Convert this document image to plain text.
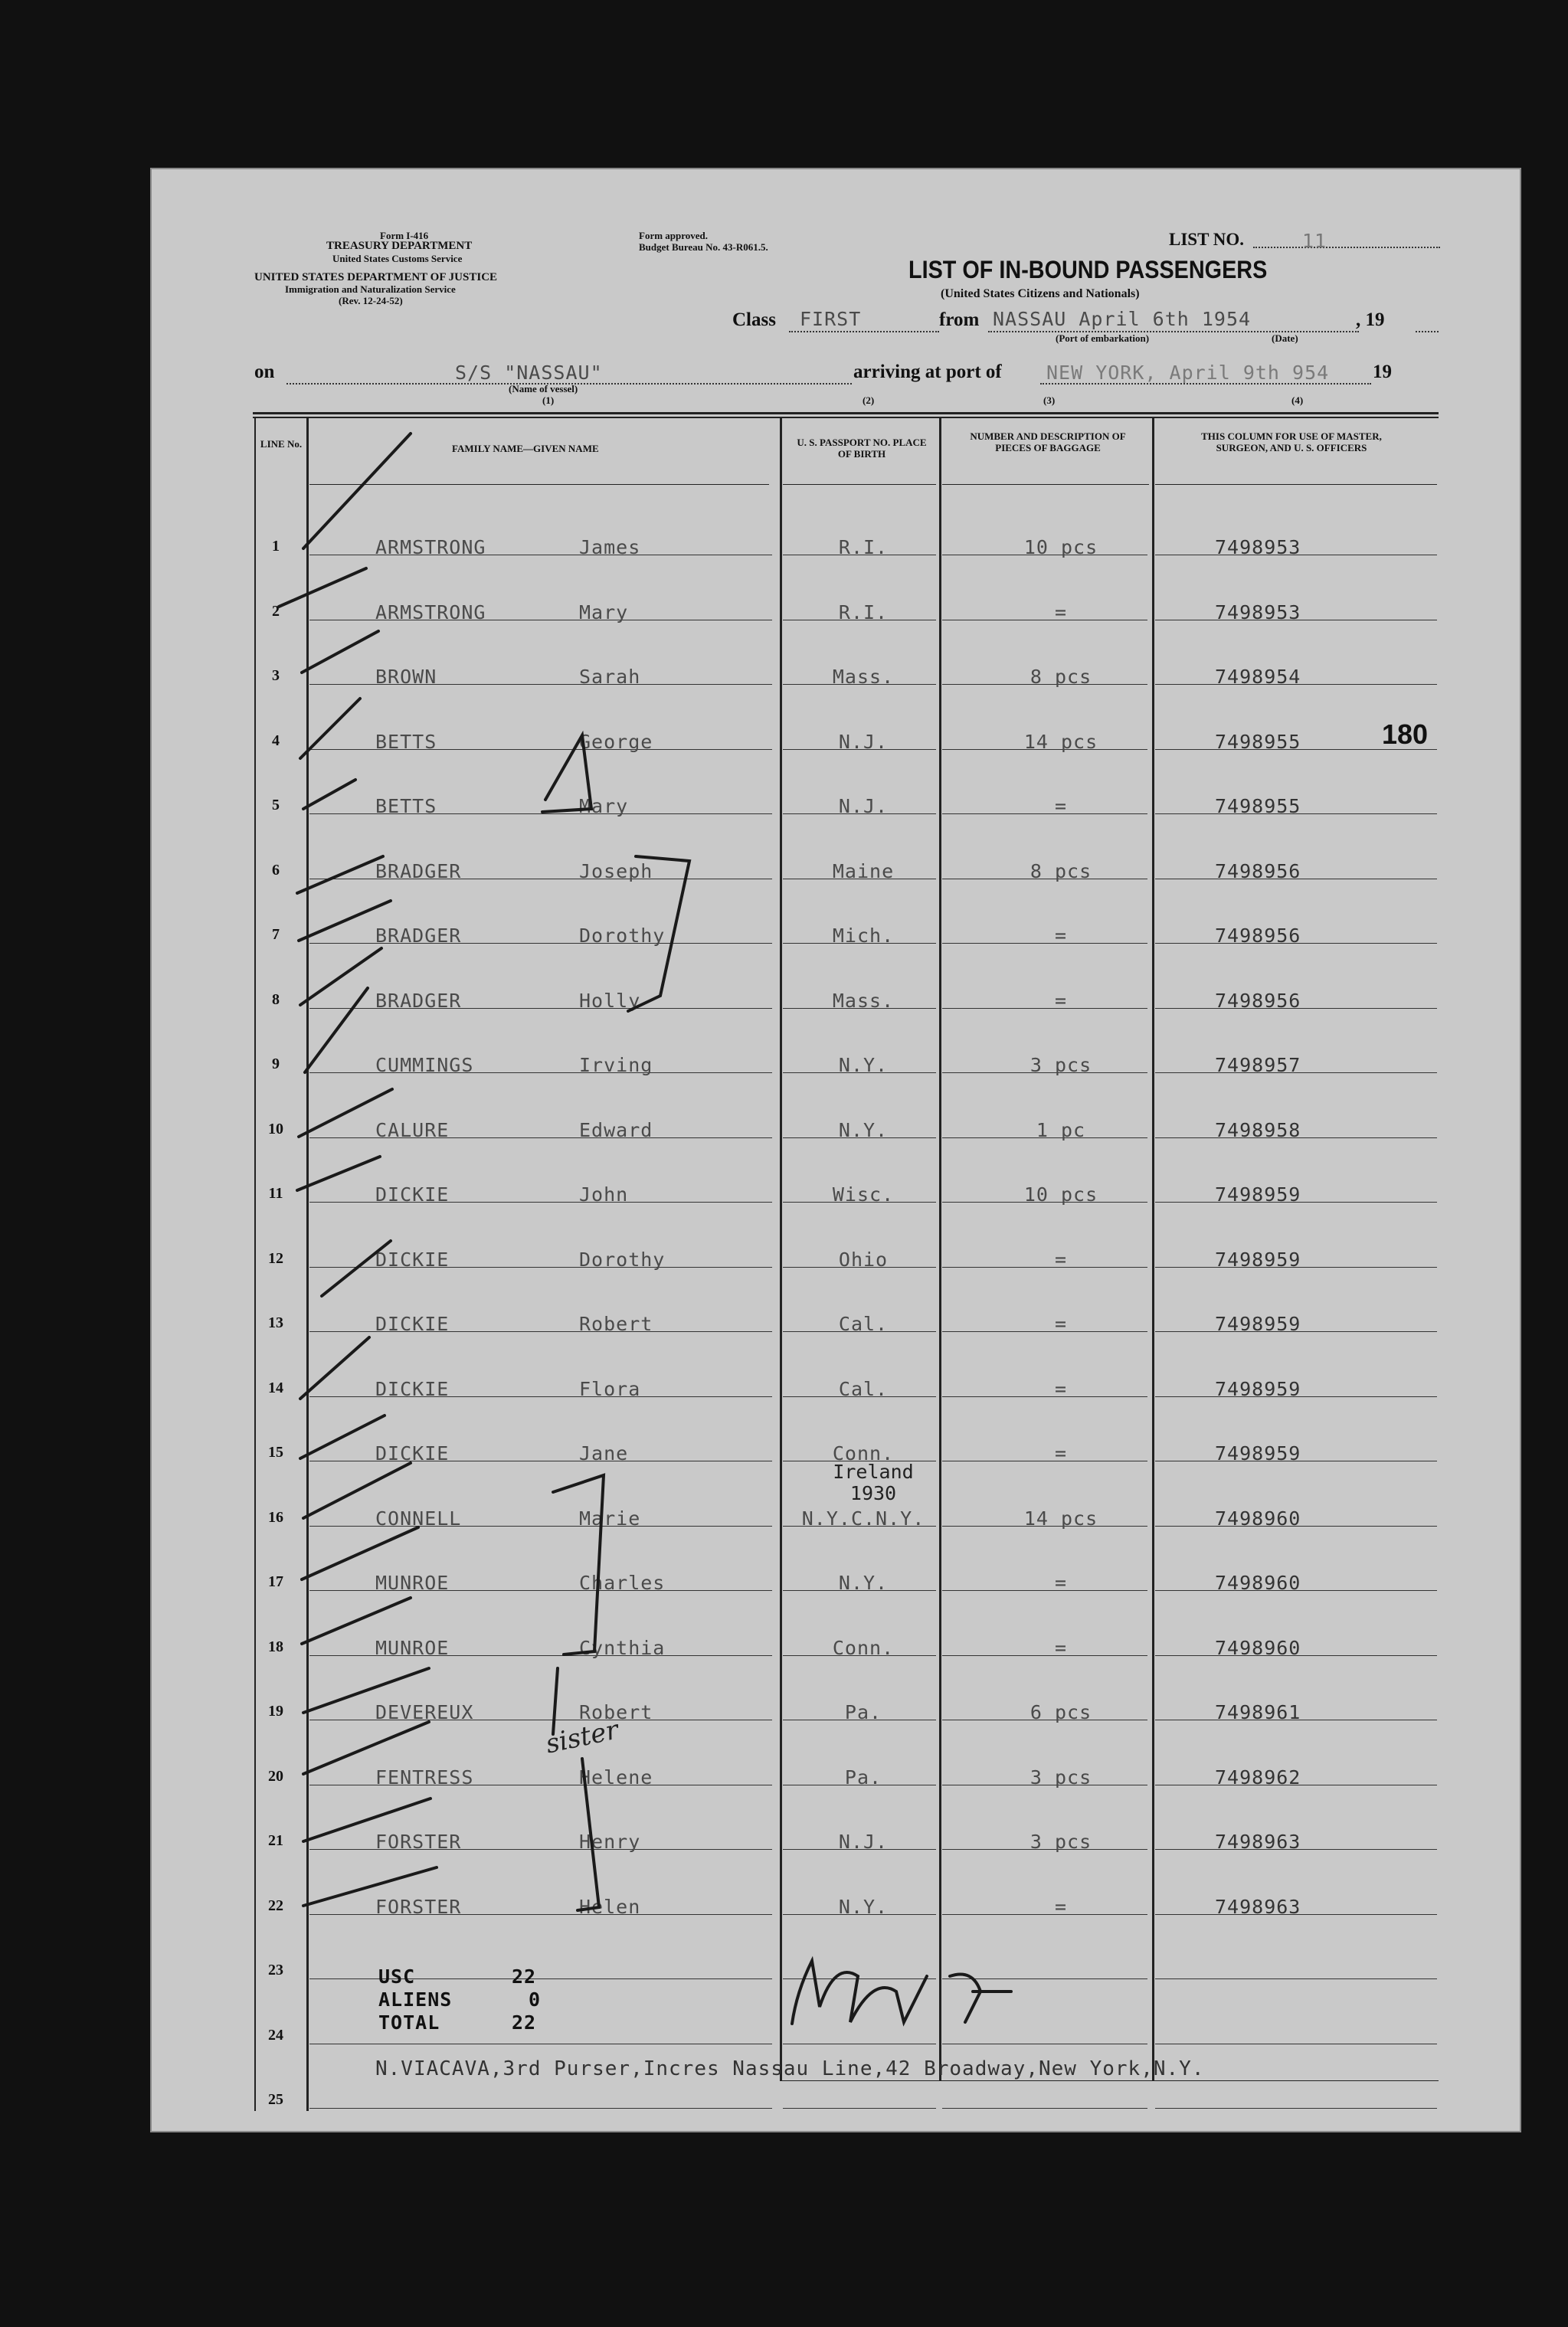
Form I-416
TREASURY DEPARTMENT
United States Customs Service
UNITED STATES DEPARTMENT OF JUSTICE
Immigration and Naturalization Service
(Rev. 12-24-52)
Form approved.
Budget Bureau No. 43-R061.5.	LIST NO.	11
LIST OF IN-BOUND PASSENGERS
(United States Citizens and Nationals)
Class FIRST	from NASSAU April 6th 1954	, 19
(Port of embarkation)	(Date)
on	S/S "NASSAU"
(Name of vessel)
arriving at port of NEW YORK, April 9th 954 19
(1)	(2)	(3)	(4)
LINE No.	FAMILY NAME—GIVEN NAME
U. S. PASSPORT NO. PLACE OF BIRTH
NUMBER AND DESCRIPTION OF PIECES OF BAGGAGE
THIS COLUMN FOR USE OF MASTER, SURGEON, AND U. S. OFFICERS
1	ARMSTRONG	James	R.I.	10 pcs	7498953
2	ARMSTRONG	Mary	R.I.	=	7498953
3	BROWN	Sarah	Mass.	8 pcs	7498954
4	BETTS	George	N.J.	14 pcs	7498955
5	BETTS	Mary	N.J.	=	7498955
6	BRADGER	Joseph	Maine	8 pcs	7498956
7	BRADGER	Dorothy	Mich.	=	7498956
8	BRADGER	Holly	Mass.	=	7498956
9	CUMMINGS	Irving	N.Y.	3 pcs	7498957
10	CALURE	Edward	N.Y.	1 pc	7498958
11	DICKIE	John	Wisc.	10 pcs	7498959
12	DICKIE	Dorothy	Ohio	=	7498959
13	DICKIE	Robert	Cal.	=	7498959
14	DICKIE	Flora	Cal.	=	7498959
15	DICKIE	Jane	Conn.	=	7498959
16	CONNELL	Marie	N.Y.C.N.Y.	14 pcs	7498960
17	MUNROE	Charles	N.Y.	=	7498960
18	MUNROE	Cynthia	Conn.	=	7498960
19	DEVEREUX	Robert	Pa.	6 pcs	7498961
20	FENTRESS	Helene	Pa.	3 pcs	7498962
21	FORSTER	Henry	N.J.	3 pcs	7498963
22	FORSTER	Helen	N.Y.	=	7498963
23
24
25
Ireland
1930
180
USC	22
ALIENS	0
TOTAL	22
N.VIACAVA,3rd Purser,Incres Nassau Line,42 Broadway,New York,N.Y.
sister
